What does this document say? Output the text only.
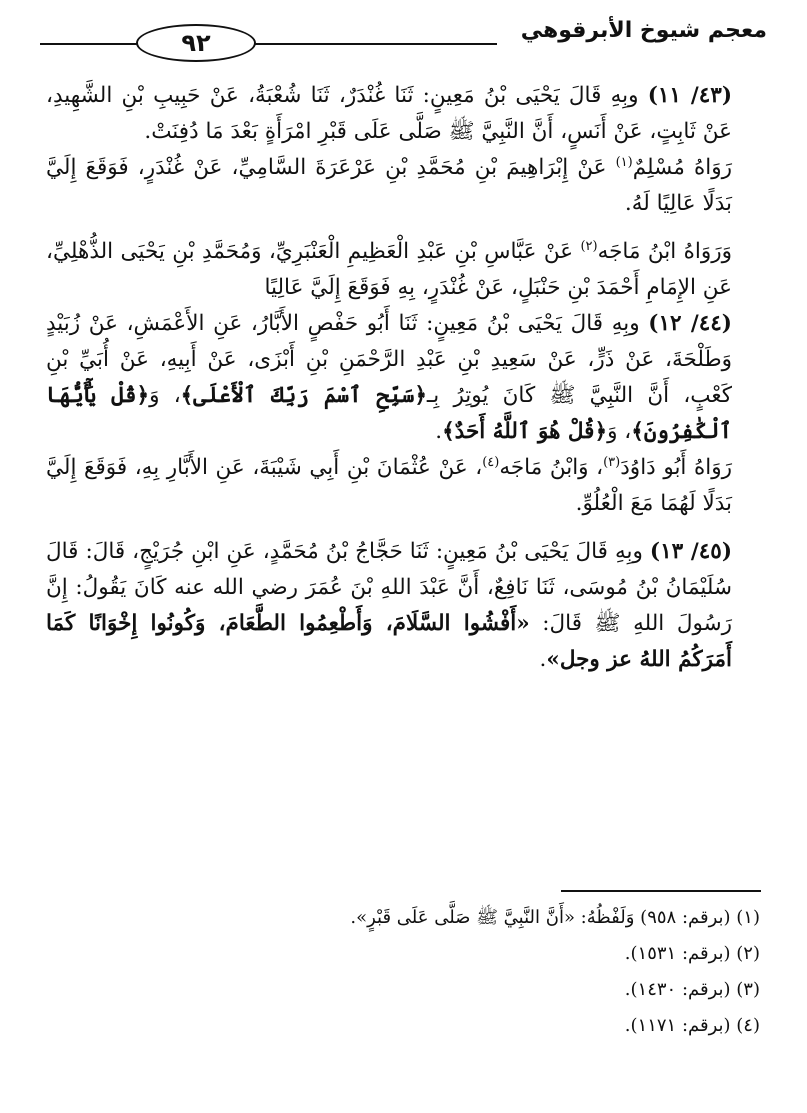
٩٢	معجم شيوخ الأبرقوهي

(٤٣/ ١١) وبِهِ قَالَ يَحْيَى بْنُ مَعِينٍ: ثَنَا غُنْدَرٌ، ثَنَا شُعْبَةُ، عَنْ حَبِيبِ بْنِ الشَّهِيدِ، عَنْ ثَابِتٍ، عَنْ أَنَسٍ، أَنَّ النَّبِيَّ ﷺ صَلَّى عَلَى قَبْرِ امْرَأَةٍ بَعْدَ مَا دُفِنَتْ.

رَوَاهُ مُسْلِمٌ$^{(١)}$ عَنْ إِبْرَاهِيمَ بْنِ مُحَمَّدِ بْنِ عَرْعَرَةَ السَّامِيِّ، عَنْ غُنْدَرٍ، فَوَقَعَ إِلَيَّ بَدَلًا عَالِيًا لَهُ.

وَرَوَاهُ ابْنُ مَاجَه$^{(٢)}$ عَنْ عَبَّاسِ بْنِ عَبْدِ الْعَظِيمِ الْعَنْبَرِيِّ، وَمُحَمَّدِ بْنِ يَحْيَى الذُّهْلِيِّ، عَنِ الإِمَامِ أَحْمَدَ بْنِ حَنْبَلٍ، عَنْ غُنْدَرٍ، بِهِ فَوَقَعَ إِلَيَّ عَالِيًا

(٤٤/ ١٢) وبِهِ قَالَ يَحْيَى بْنُ مَعِينٍ: ثَنَا أَبُو حَفْصٍ الأَبَّارُ، عَنِ الأَعْمَشِ، عَنْ زُبَيْدٍ وَطَلْحَةَ، عَنْ ذَرٍّ، عَنْ سَعِيدِ بْنِ عَبْدِ الرَّحْمَنِ بْنِ أَبْزَى، عَنْ أَبِيهِ، عَنْ أُبَيِّ بْنِ كَعْبٍ، أَنَّ النَّبِيَّ ﷺ كَانَ يُوتِرُ بِـ﴿سَبِّحِ ٱسْمَ رَبِّكَ ٱلْأَعْلَى﴾، وَ﴿قُلْ يَٰٓأَيُّهَا ٱلْكَٰفِرُونَ﴾، وَ﴿قُلْ هُوَ ٱللَّهُ أَحَدٌ﴾.

رَوَاهُ أَبُو دَاوُدَ$^{(٣)}$، وَابْنُ مَاجَه$^{(٤)}$، عَنْ عُثْمَانَ بْنِ أَبِي شَيْبَةَ، عَنِ الأَبَّارِ بِهِ، فَوَقَعَ إِلَيَّ بَدَلًا لَهُمَا مَعَ الْعُلُوِّ.

(٤٥/ ١٣) وبِهِ قَالَ يَحْيَى بْنُ مَعِينٍ: ثَنَا حَجَّاجُ بْنُ مُحَمَّدٍ، عَنِ ابْنِ جُرَيْجٍ، قَالَ: قَالَ سُلَيْمَانُ بْنُ مُوسَى، ثَنَا نَافِعٌ، أَنَّ عَبْدَ اللهِ بْنَ عُمَرَ رضي الله عنه كَانَ يَقُولُ: إِنَّ رَسُولَ اللهِ ﷺ قَالَ: «أَفْشُوا السَّلَامَ، وَأَطْعِمُوا الطَّعَامَ، وَكُونُوا إِخْوَانًا كَمَا أَمَرَكُمُ اللهُ عز وجل».

(١) (برقم: ٩٥٨) وَلَفْظُهُ: «أَنَّ النَّبِيَّ ﷺ صَلَّى عَلَى قَبْرٍ».

(٢) (برقم: ١٥٣١).

(٣) (برقم: ١٤٣٠).

(٤) (برقم: ١١٧١).
